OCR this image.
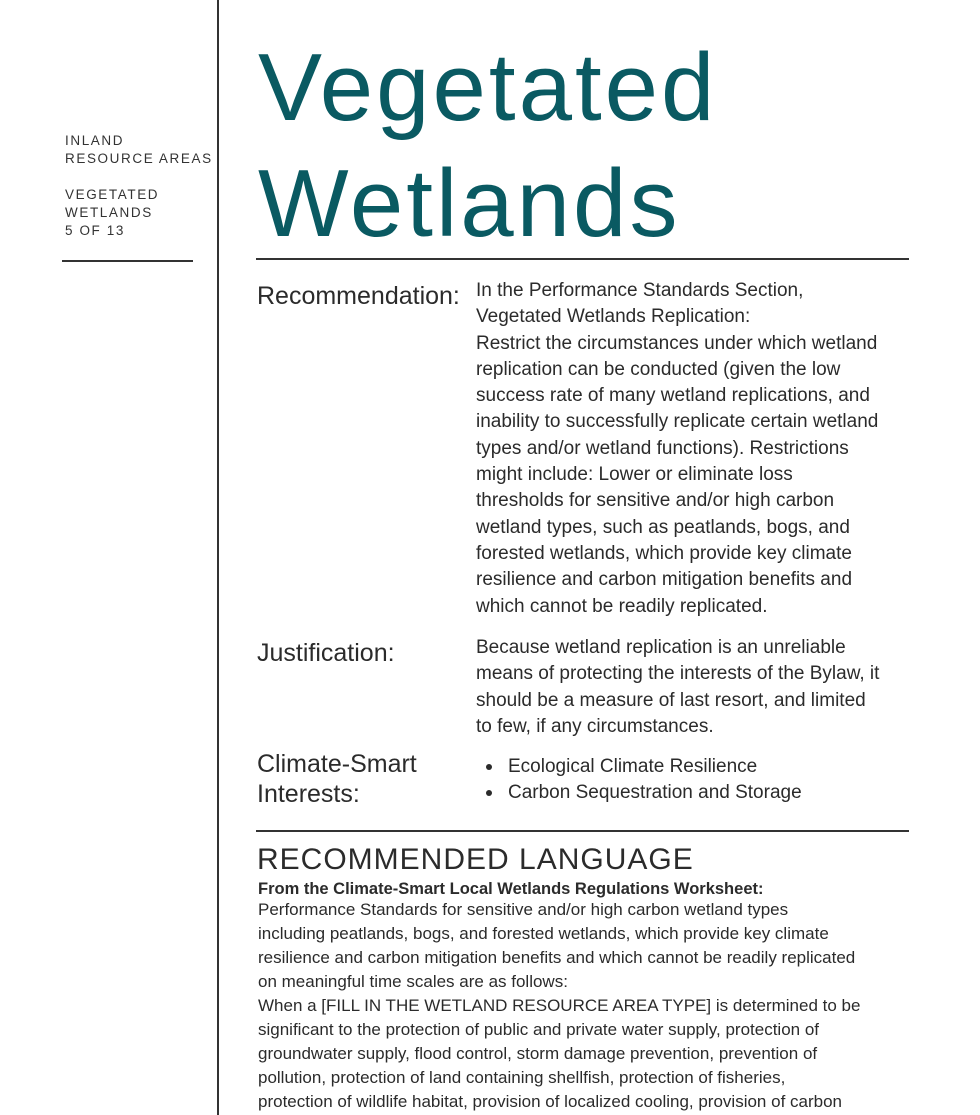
INLAND
RESOURCE AREAS
VEGETATED
WETLANDS
5 OF 13
Vegetated
Wetlands
Recommendation: In the Performance Standards Section,
Vegetated Wetlands Replication:
Restrict the circumstances under which wetland
replication can be conducted (given the low
success rate of many wetland replications, and
inability to successfully replicate certain wetland
types and/or wetland functions). Restrictions
might include: Lower or eliminate loss
thresholds for sensitive and/or high carbon
wetland types, such as peatlands, bogs, and
forested wetlands, which provide key climate
resilience and carbon mitigation benefits and
which cannot be readily replicated.
Justification:	Because wetland replication is an unreliable
means of protecting the interests of the Bylaw, it
should be a measure of last resort, and limited
to few, if any circumstances.
Climate-Smart
Interests:
Ecological Climate Resilience
Carbon Sequestration and Storage
RECOMMENDED LANGUAGE
From the Climate-Smart Local Wetlands Regulations Worksheet:
Performance Standards for sensitive and/or high carbon wetland types
including peatlands, bogs, and forested wetlands, which provide key climate
resilience and carbon mitigation benefits and which cannot be readily replicated
on meaningful time scales are as follows:
When a [FILL IN THE WETLAND RESOURCE AREA TYPE] is determined to be
significant to the protection of public and private water supply, protection of
groundwater supply, flood control, storm damage prevention, prevention of
pollution, protection of land containing shellfish, protection of fisheries,
protection of wildlife habitat, provision of localized cooling, provision of carbon
